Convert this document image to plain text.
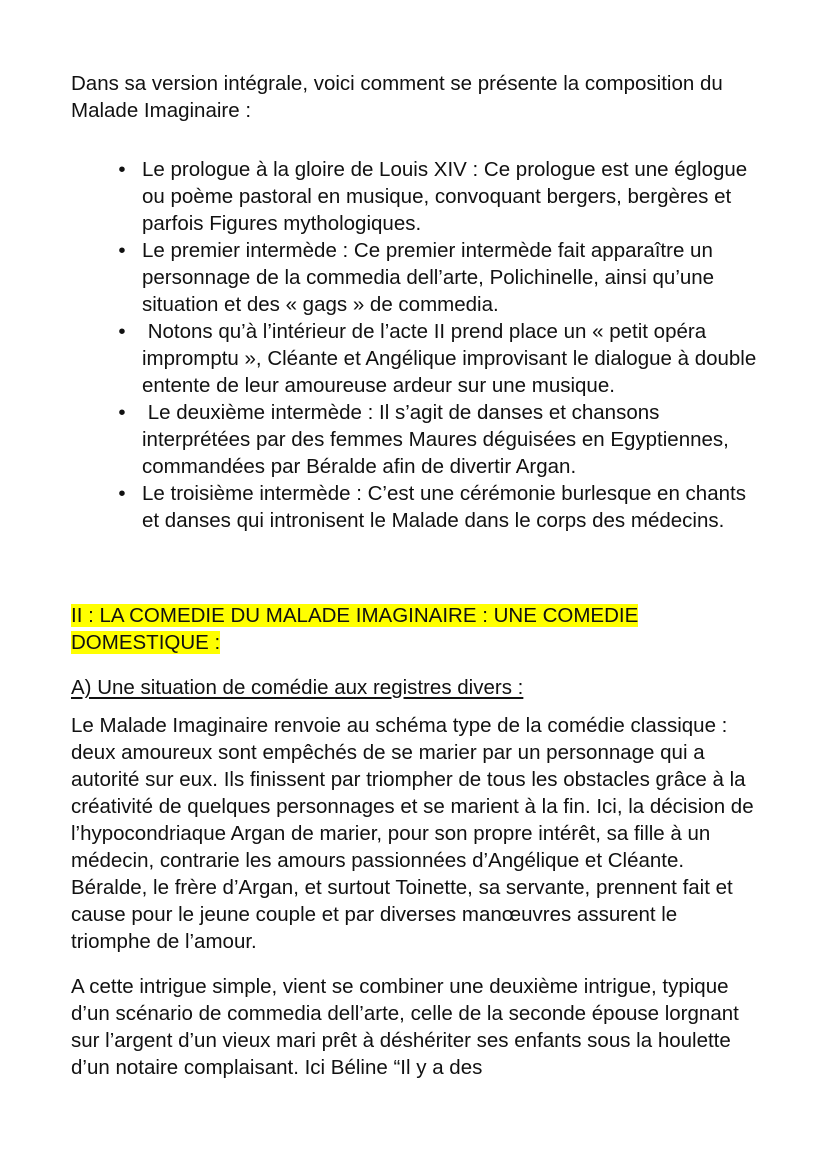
Dans sa version intégrale, voici comment se présente la composition du Malade Imaginaire :

• Le prologue à la gloire de Louis XIV : Ce prologue est une églogue ou poème pastoral en musique, convoquant bergers, bergères et parfois Figures mythologiques.
• Le premier intermède : Ce premier intermède fait apparaître un personnage de la commedia dell’arte, Polichinelle, ainsi qu’une situation et des « gags » de commedia.
• Notons qu’à l’intérieur de l’acte II prend place un « petit opéra impromptu », Cléante et Angélique improvisant le dialogue à double entente de leur amoureuse ardeur sur une musique.
• Le deuxième intermède : Il s’agit de danses et chansons interprétées par des femmes Maures déguisées en Egyptiennes, commandées par Béralde afin de divertir Argan.
• Le troisième intermède : C’est une cérémonie burlesque en chants et danses qui intronisent le Malade dans le corps des médecins.
II : LA COMEDIE DU MALADE IMAGINAIRE : UNE COMEDIE DOMESTIQUE :
A) Une situation de comédie aux registres divers :

Le Malade Imaginaire renvoie au schéma type de la comédie classique : deux amoureux sont empêchés de se marier par un personnage qui a autorité sur eux. Ils finissent par triompher de tous les obstacles grâce à la créativité de quelques personnages et se marient à la fin. Ici, la décision de l’hypocondriaque Argan de marier, pour son propre intérêt, sa fille à un médecin, contrarie les amours passionnées d’Angélique et Cléante. Béralde, le frère d’Argan, et surtout Toinette, sa servante, prennent fait et cause pour le jeune couple et par diverses manœuvres assurent le triomphe de l’amour.

A cette intrigue simple, vient se combiner une deuxième intrigue, typique d’un scénario de commedia dell’arte, celle de la seconde épouse lorgnant sur l’argent d’un vieux mari prêt à déshériter ses enfants sous la houlette d’un notaire complaisant. Ici Béline “Il y a des
